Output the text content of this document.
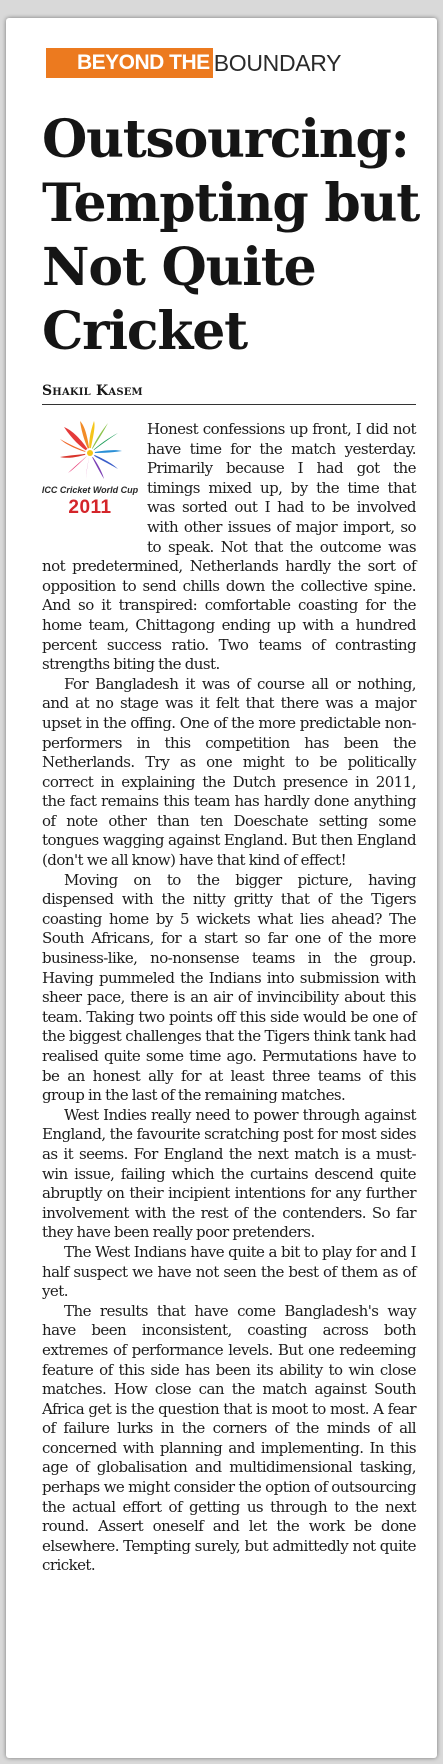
BEYOND THE BOUNDARY
Outsourcing: Tempting but Not Quite Cricket
Shakil Kasem
ICC Cricket World Cup
2011

Honest confessions up front, I did not have time for the match yesterday. Primarily because I had got the timings mixed up, by the time that was sorted out I had to be involved with other issues of major import, so to speak. Not that the outcome was not predetermined, Netherlands hardly the sort of opposition to send chills down the collective spine. And so it transpired: comfortable coasting for the home team, Chittagong ending up with a hundred percent success ratio. Two teams of contrasting strengths biting the dust.

For Bangladesh it was of course all or nothing, and at no stage was it felt that there was a major upset in the offing. One of the more predictable non-performers in this competition has been the Netherlands. Try as one might to be politically correct in explaining the Dutch presence in 2011, the fact remains this team has hardly done anything of note other than ten Doeschate setting some tongues wagging against England. But then England (don't we all know) have that kind of effect!

Moving on to the bigger picture, having dispensed with the nitty gritty that of the Tigers coasting home by 5 wickets what lies ahead? The South Africans, for a start so far one of the more business-like, no-nonsense teams in the group. Having pummeled the Indians into submission with sheer pace, there is an air of invincibility about this team. Taking two points off this side would be one of the biggest challenges that the Tigers think tank had realised quite some time ago. Permutations have to be an honest ally for at least three teams of this group in the last of the remaining matches.

West Indies really need to power through against England, the favourite scratching post for most sides as it seems. For England the next match is a must-win issue, failing which the curtains descend quite abruptly on their incipient intentions for any further involvement with the rest of the contenders. So far they have been really poor pretenders.

The West Indians have quite a bit to play for and I half suspect we have not seen the best of them as of yet.

The results that have come Bangladesh's way have been inconsistent, coasting across both extremes of performance levels. But one redeeming feature of this side has been its ability to win close matches. How close can the match against South Africa get is the question that is moot to most. A fear of failure lurks in the corners of the minds of all concerned with planning and implementing. In this age of globalisation and multidimensional tasking, perhaps we might consider the option of outsourcing the actual effort of getting us through to the next round. Assert oneself and let the work be done elsewhere. Tempting surely, but admittedly not quite cricket.
